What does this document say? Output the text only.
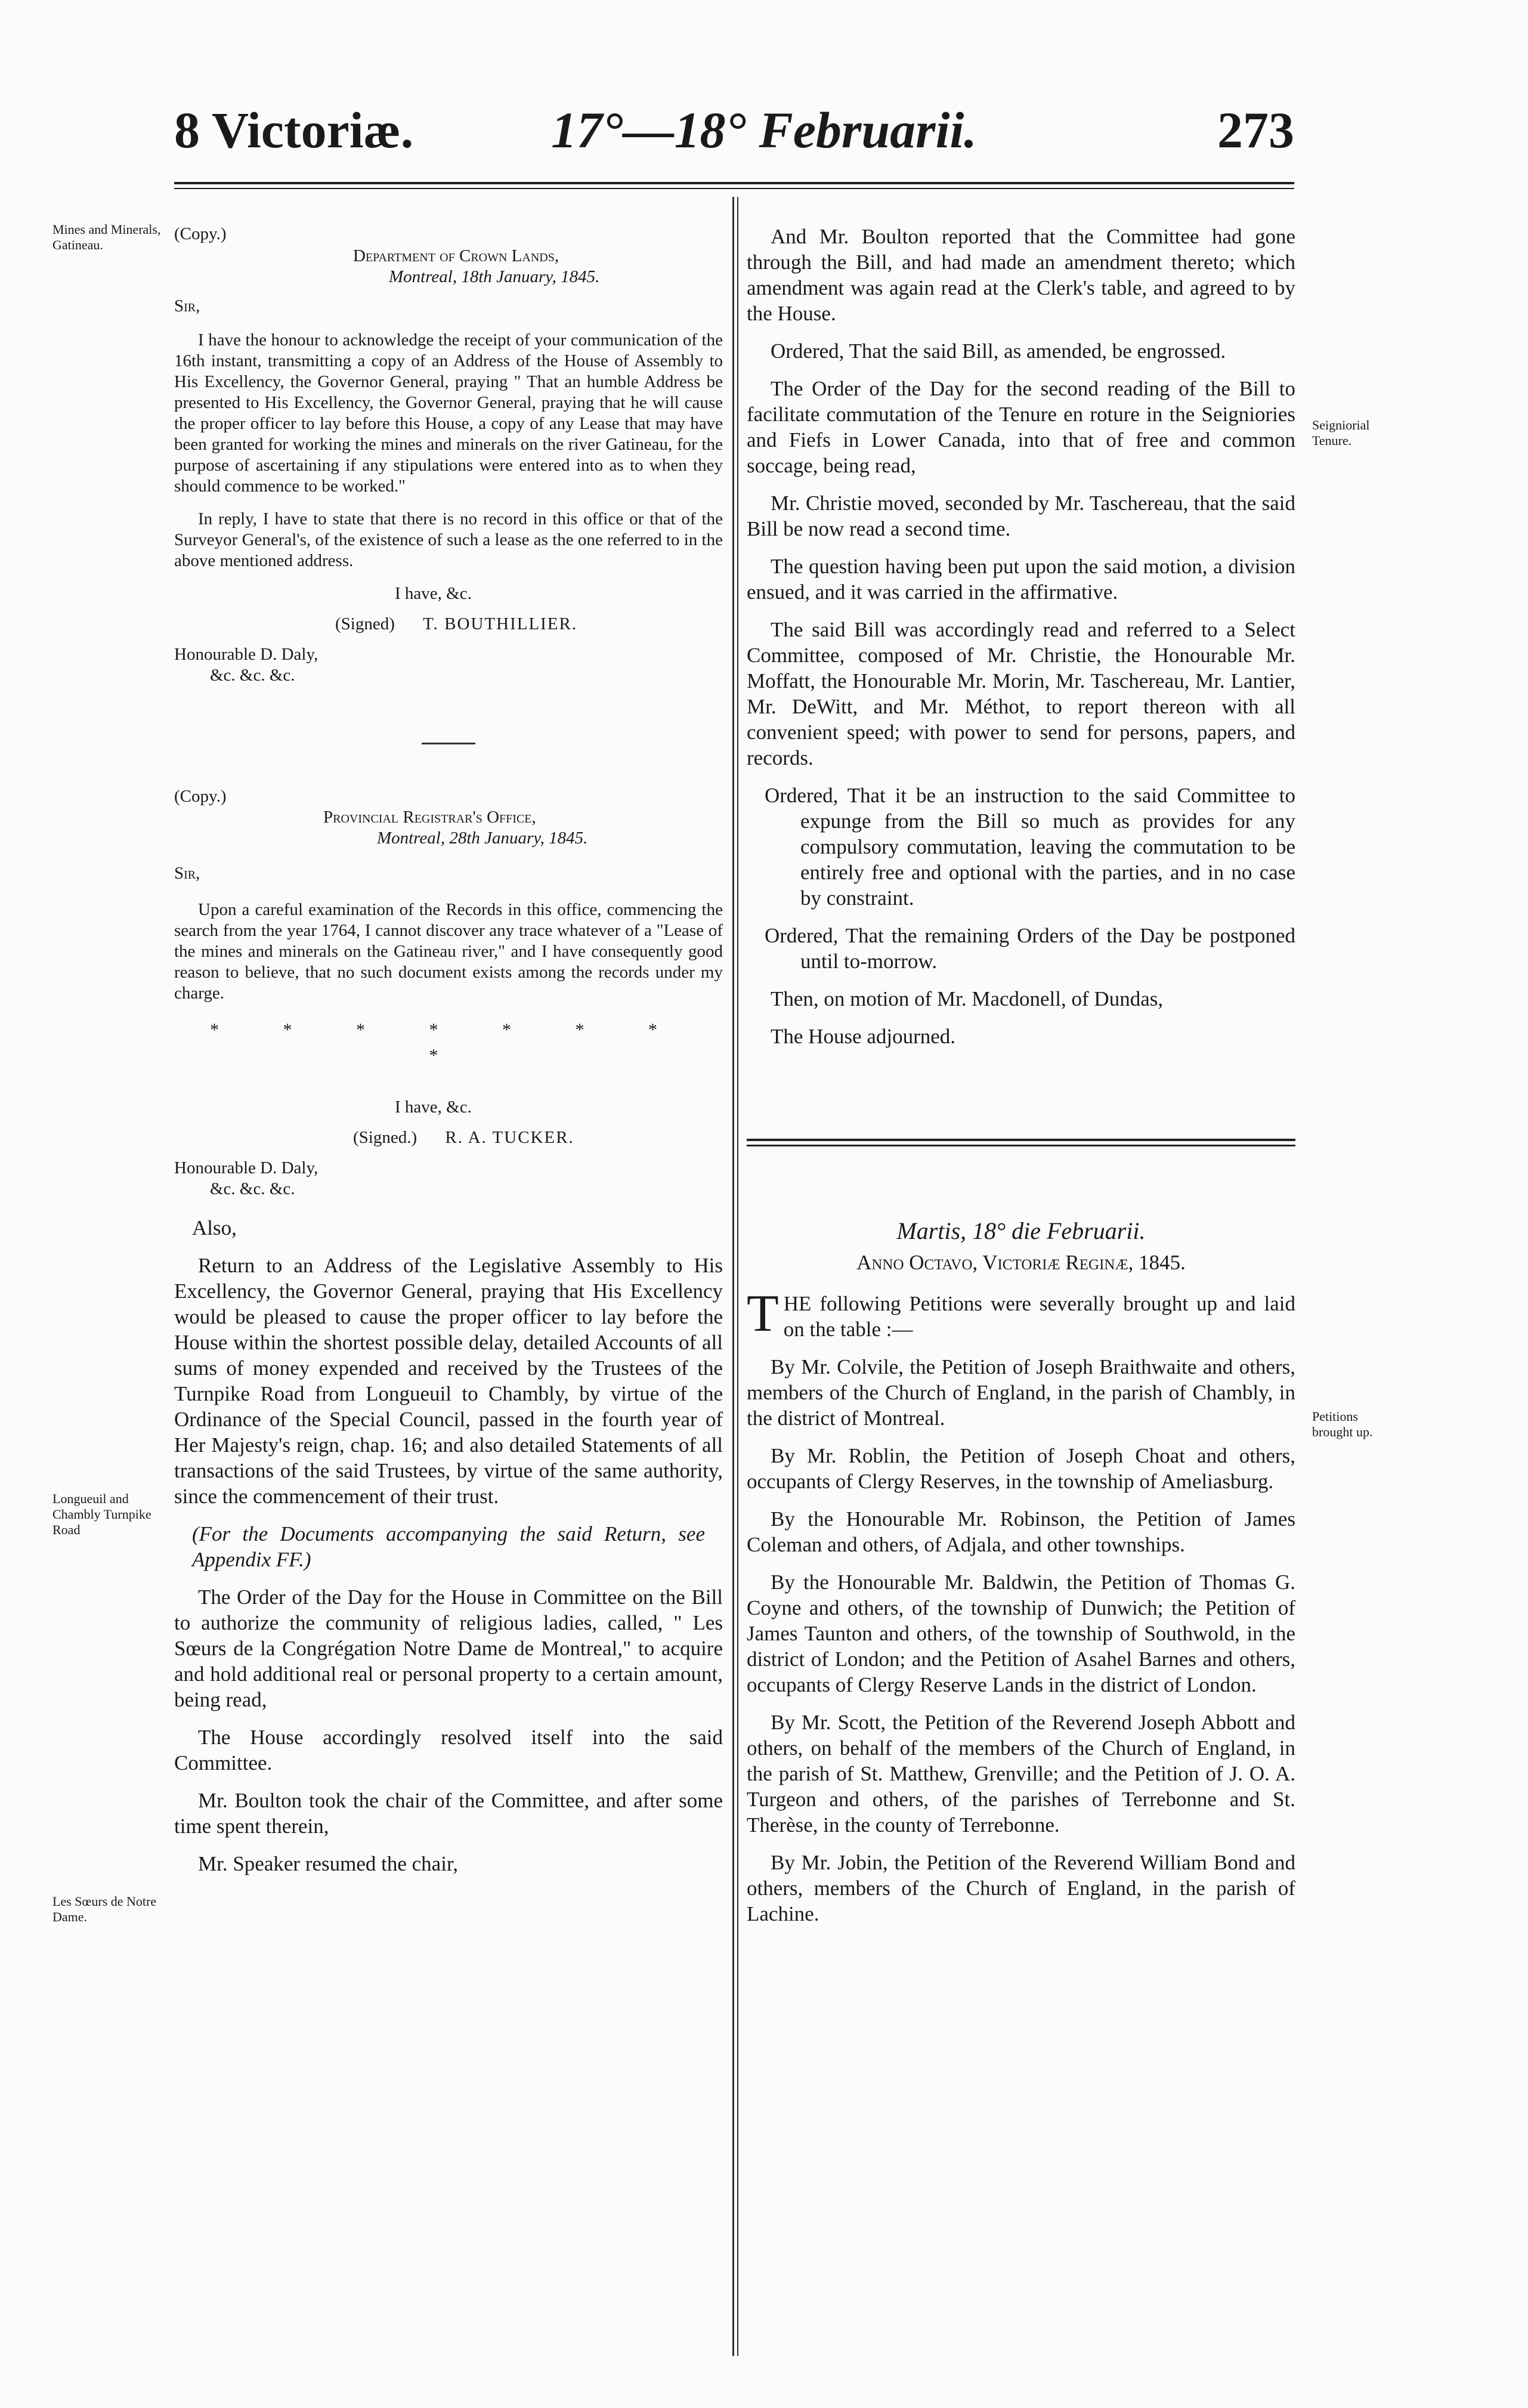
8 Victoriæ.	17°—18° Februarii.	273
Mines and Minerals, Gatineau.
Longueuil and Chambly Turnpike Road
Les Sœurs de Notre Dame.
Seigniorial Tenure.
Petitions brought up.
(Copy.)
Department of Crown Lands,
Montreal, 18th January, 1845.
Sir,

I have the honour to acknowledge the receipt of your communication of the 16th instant, transmitting a copy of an Address of the House of Assembly to His Excellency, the Governor General, praying " That an humble Address be presented to His Excellency, the Governor General, praying that he will cause the proper officer to lay before this House, a copy of any Lease that may have been granted for working the mines and minerals on the river Gatineau, for the purpose of ascertaining if any stipulations were entered into as to when they should commence to be worked."

In reply, I have to state that there is no record in this office or that of the Surveyor General's, of the existence of such a lease as the one referred to in the above mentioned address.

I have, &c.
(Signed) T. BOUTHILLIER.
Honourable D. Daly,
&c. &c. &c.
(Copy.)
Provincial Registrar's Office,
Montreal, 28th January, 1845.
Sir,

Upon a careful examination of the Records in this office, commencing the search from the year 1764, I cannot discover any trace whatever of a "Lease of the mines and minerals on the Gatineau river," and I have consequently good reason to believe, that no such document exists among the records under my charge.

* * * * * * * *
I have, &c.
(Signed.) R. A. TUCKER.
Honourable D. Daly,
&c. &c. &c.

Also,

Return to an Address of the Legislative Assembly to His Excellency, the Governor General, praying that His Excellency would be pleased to cause the proper officer to lay before the House within the shortest possible delay, detailed Accounts of all sums of money expended and received by the Trustees of the Turnpike Road from Longueuil to Chambly, by virtue of the Ordinance of the Special Council, passed in the fourth year of Her Majesty's reign, chap. 16; and also detailed Statements of all transactions of the said Trustees, by virtue of the same authority, since the commencement of their trust.

(For the Documents accompanying the said Return, see Appendix FF.)

The Order of the Day for the House in Committee on the Bill to authorize the community of religious ladies, called, " Les Sœurs de la Congrégation Notre Dame de Montreal," to acquire and hold additional real or personal property to a certain amount, being read,

The House accordingly resolved itself into the said Committee.

Mr. Boulton took the chair of the Committee, and after some time spent therein,

Mr. Speaker resumed the chair,

And Mr. Boulton reported that the Committee had gone through the Bill, and had made an amendment thereto; which amendment was again read at the Clerk's table, and agreed to by the House.

Ordered, That the said Bill, as amended, be engrossed.

The Order of the Day for the second reading of the Bill to facilitate commutation of the Tenure en roture in the Seigniories and Fiefs in Lower Canada, into that of free and common soccage, being read,

Mr. Christie moved, seconded by Mr. Taschereau, that the said Bill be now read a second time.

The question having been put upon the said motion, a division ensued, and it was carried in the affirmative.

The said Bill was accordingly read and referred to a Select Committee, composed of Mr. Christie, the Honourable Mr. Moffatt, the Honourable Mr. Morin, Mr. Taschereau, Mr. Lantier, Mr. DeWitt, and Mr. Méthot, to report thereon with all convenient speed; with power to send for persons, papers, and records.

Ordered, That it be an instruction to the said Committee to expunge from the Bill so much as provides for any compulsory commutation, leaving the commutation to be entirely free and optional with the parties, and in no case by constraint.

Ordered, That the remaining Orders of the Day be postponed until to-morrow.

Then, on motion of Mr. Macdonell, of Dundas,

The House adjourned.

Martis, 18° die Februarii.
Anno Octavo, Victoriæ Reginæ, 1845.

T HE following Petitions were severally brought up and laid on the table :—

By Mr. Colvile, the Petition of Joseph Braithwaite and others, members of the Church of England, in the parish of Chambly, in the district of Montreal.

By Mr. Roblin, the Petition of Joseph Choat and others, occupants of Clergy Reserves, in the township of Ameliasburg.

By the Honourable Mr. Robinson, the Petition of James Coleman and others, of Adjala, and other townships.

By the Honourable Mr. Baldwin, the Petition of Thomas G. Coyne and others, of the township of Dunwich; the Petition of James Taunton and others, of the township of Southwold, in the district of London; and the Petition of Asahel Barnes and others, occupants of Clergy Reserve Lands in the district of London.

By Mr. Scott, the Petition of the Reverend Joseph Abbott and others, on behalf of the members of the Church of England, in the parish of St. Matthew, Grenville; and the Petition of J. O. A. Turgeon and others, of the parishes of Terrebonne and St. Therèse, in the county of Terrebonne.

By Mr. Jobin, the Petition of the Reverend William Bond and others, members of the Church of England, in the parish of Lachine.
